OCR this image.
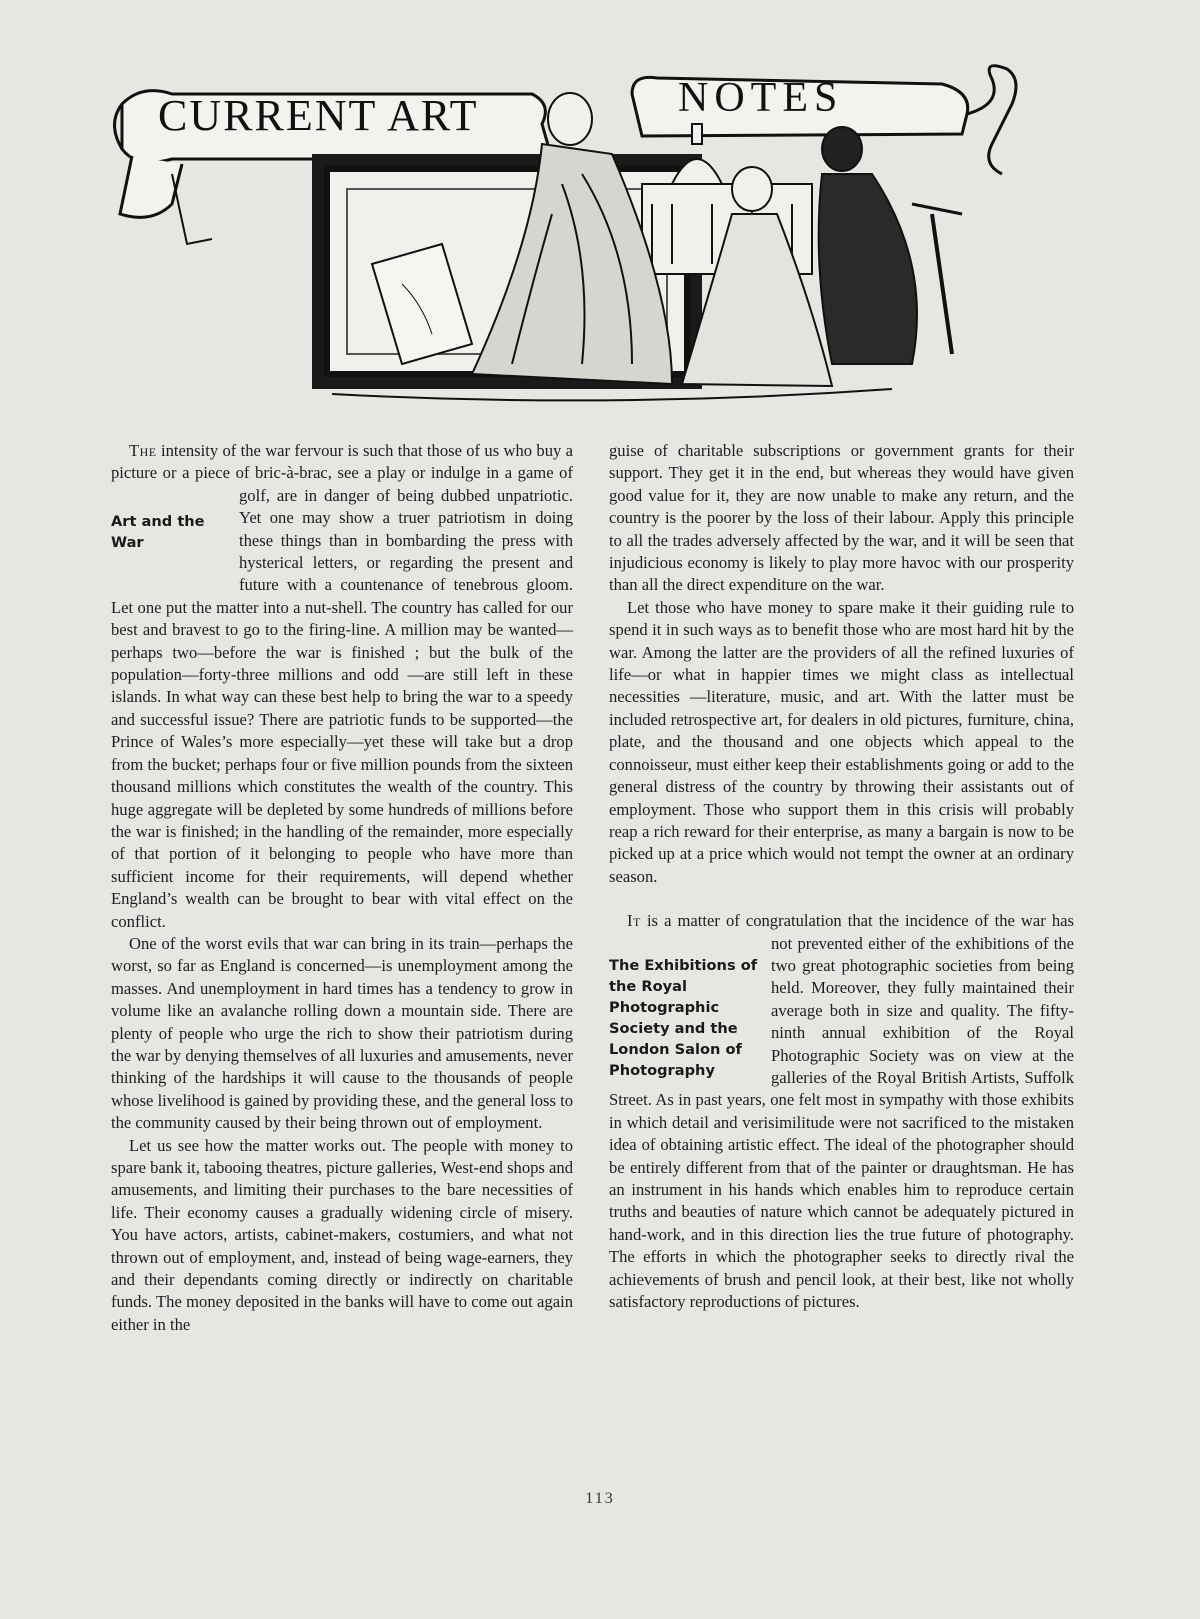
CURRENT ART	NOTES

The intensity of the war fervour is such that those of us who buy a picture or a piece of bric-à-brac, see a play or indulge in a game of golf, are in danger
Art and the War
of being dubbed unpatriotic. Yet one may show a truer patriotism in doing these things than in bombarding the press with hysterical letters, or regarding the present and future with a countenance of tenebrous gloom. Let one put the matter into a nut-shell. The country has called for our best and bravest to go to the firing-line. A million may be wanted—perhaps two—before the war is finished ; but the bulk of the population—forty-three millions and odd —are still left in these islands. In what way can these best help to bring the war to a speedy and successful issue? There are patriotic funds to be supported—the Prince of Wales’s more especially—yet these will take but a drop from the bucket; perhaps four or five million pounds from the sixteen thousand millions which constitutes the wealth of the country. This huge aggregate will be depleted by some hundreds of millions before the war is finished; in the handling of the remainder, more especially of that portion of it belonging to people who have more than sufficient income for their requirements, will depend whether England’s wealth can be brought to bear with vital effect on the conflict.

One of the worst evils that war can bring in its train—perhaps the worst, so far as England is concerned—is unemployment among the masses. And unemployment in hard times has a tendency to grow in volume like an avalanche rolling down a mountain side. There are plenty of people who urge the rich to show their patriotism during the war by denying themselves of all luxuries and amusements, never thinking of the hardships it will cause to the thousands of people whose livelihood is gained by providing these, and the general loss to the community caused by their being thrown out of employment.

Let us see how the matter works out. The people with money to spare bank it, tabooing theatres, picture galleries, West-end shops and amusements, and limiting their purchases to the bare necessities of life. Their economy causes a gradually widening circle of misery. You have actors, artists, cabinet-makers, costumiers, and what not thrown out of employment, and, instead of being wage-earners, they and their dependants coming directly or indirectly on charitable funds. The money deposited in the banks will have to come out again either in the

guise of charitable subscriptions or government grants for their support. They get it in the end, but whereas they would have given good value for it, they are now unable to make any return, and the country is the poorer by the loss of their labour. Apply this principle to all the trades adversely affected by the war, and it will be seen that injudicious economy is likely to play more havoc with our prosperity than all the direct expenditure on the war.

Let those who have money to spare make it their guiding rule to spend it in such ways as to benefit those who are most hard hit by the war. Among the latter are the providers of all the refined luxuries of life—or what in happier times we might class as intellectual necessities —literature, music, and art. With the latter must be included retrospective art, for dealers in old pictures, furniture, china, plate, and the thousand and one objects which appeal to the connoisseur, must either keep their establishments going or add to the general distress of the country by throwing their assistants out of employment. Those who support them in this crisis will probably reap a rich reward for their enterprise, as many a bargain is now to be picked up at a price which would not tempt the owner at an ordinary season.

It is a matter of congratulation that the incidence of the war has not prevented either of the exhibitions of
The Exhibitions of the Royal Photographic Society and the London Salon of Photography
the two great photographic societies from being held. Moreover, they fully maintained their average both in size and quality. The fifty-ninth annual exhibition of the Royal Photographic Society was on view at the galleries of the Royal British Artists, Suffolk Street. As in past years, one felt most in sympathy with those exhibits in which detail and verisimilitude were not sacrificed to the mistaken idea of obtaining artistic effect. The ideal of the photographer should be entirely different from that of the painter or draughtsman. He has an instrument in his hands which enables him to reproduce certain truths and beauties of nature which cannot be adequately pictured in hand-work, and in this direction lies the true future of photography. The efforts in which the photographer seeks to directly rival the achievements of brush and pencil look, at their best, like not wholly satisfactory reproductions of pictures.

113
